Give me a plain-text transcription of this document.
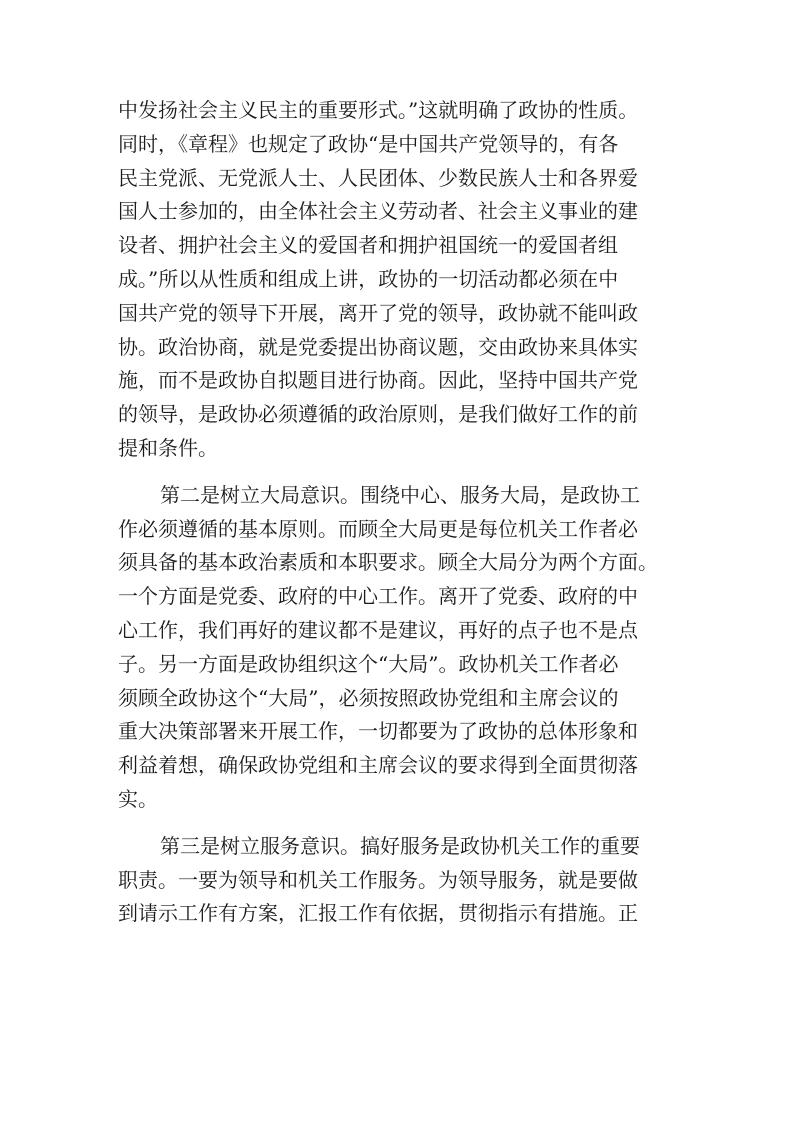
中发扬社会主义民主的重要形式。”这就明确了政协的性质。
同时，《章程》也规定了政协“是中国共产党领导的，有各
民主党派、无党派人士、人民团体、少数民族人士和各界爱
国人士参加的，由全体社会主义劳动者、社会主义事业的建
设者、拥护社会主义的爱国者和拥护祖国统一的爱国者组
成。”所以从性质和组成上讲，政协的一切活动都必须在中
国共产党的领导下开展，离开了党的领导，政协就不能叫政
协。政治协商，就是党委提出协商议题，交由政协来具体实
施，而不是政协自拟题目进行协商。因此，坚持中国共产党
的领导，是政协必须遵循的政治原则，是我们做好工作的前
提和条件。
第二是树立大局意识。围绕中心、服务大局，是政协工
作必须遵循的基本原则。而顾全大局更是每位机关工作者必
须具备的基本政治素质和本职要求。顾全大局分为两个方面。
一个方面是党委、政府的中心工作。离开了党委、政府的中
心工作，我们再好的建议都不是建议，再好的点子也不是点
子。另一方面是政协组织这个“大局”。政协机关工作者必
须顾全政协这个“大局”，必须按照政协党组和主席会议的
重大决策部署来开展工作，一切都要为了政协的总体形象和
利益着想，确保政协党组和主席会议的要求得到全面贯彻落
实。
第三是树立服务意识。搞好服务是政协机关工作的重要
职责。一要为领导和机关工作服务。为领导服务，就是要做
到请示工作有方案，汇报工作有依据，贯彻指示有措施。正
